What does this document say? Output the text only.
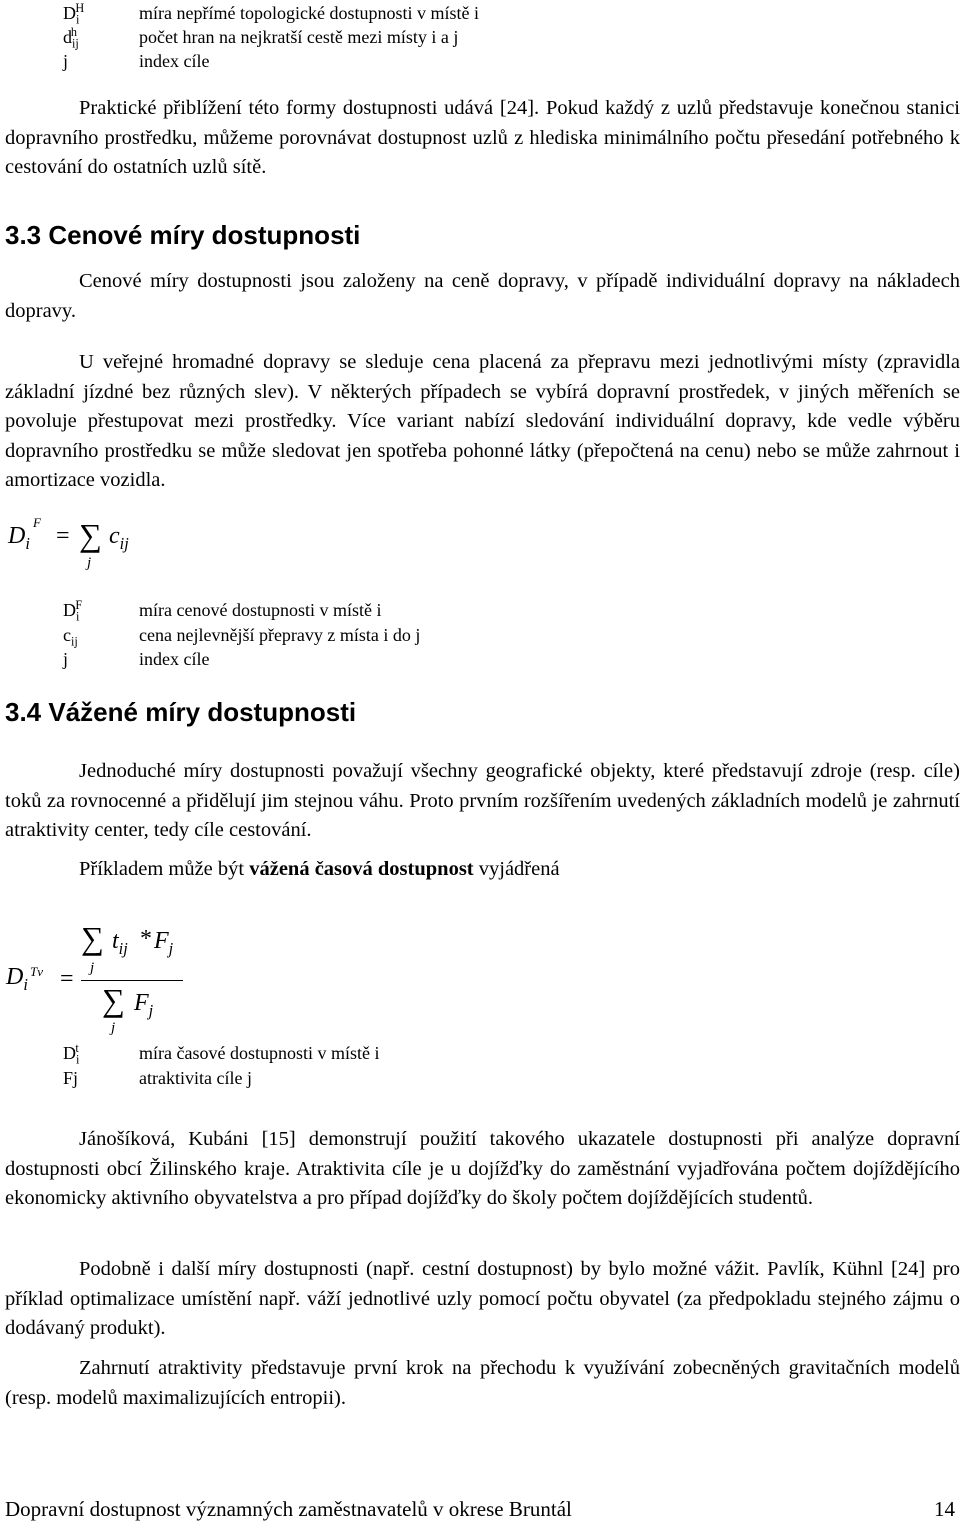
$D_i^H$	míra nepřímé topologické dostupnosti v místě i
$d_{ij}^h$	počet hran na nejkratší cestě mezi místy i a j
j	index cíle

Praktické přiblížení této formy dostupnosti udává [24]. Pokud každý z uzlů představuje konečnou stanici dopravního prostředku, můžeme porovnávat dostupnost uzlů z hlediska minimálního počtu přesedání potřebného k cestování do ostatních uzlů sítě.

3.3 Cenové míry dostupnosti

Cenové míry dostupnosti jsou založeny na ceně dopravy, v případě individuální dopravy na nákladech dopravy.

U veřejné hromadné dopravy se sleduje cena placená za přepravu mezi jednotlivými místy (zpravidla základní jízdné bez různých slev). V některých případech se vybírá dopravní prostředek, v jiných měřeních se povoluje přestupovat mezi prostředky. Více variant nabízí sledování individuální dopravy, kde vedle výběru dopravního prostředku se může sledovat jen spotřeba pohonné látky (přepočtená na cenu) nebo se může zahrnout i amortizace vozidla.

$D_i$
F
= ∑
j
$c_{ij}$
$D_i^F$	míra cenové dostupnosti v místě i
$c_{ij}$	cena nejlevnější přepravy z místa i do j
j	index cíle
3.4 Vážené míry dostupnosti

Jednoduché míry dostupnosti považují všechny geografické objekty, které představují zdroje (resp. cíle) toků za rovnocenné a přidělují jim stejnou váhu. Proto prvním rozšířením uvedených základních modelů je zahrnutí atraktivity center, tedy cíle cestování.

Příkladem může být vážená časová dostupnost vyjádřená

$D_i$
Tv =
∑
j
$t_{ij} * F_j$
∑
j
$F_j$
$D_i^t$	míra časové dostupnosti v místě i
Fj	atraktivita cíle j

Jánošíková, Kubáni [15] demonstrují použití takového ukazatele dostupnosti při analýze dopravní dostupnosti obcí Žilinského kraje. Atraktivita cíle je u dojížďky do zaměstnání vyjadřována počtem dojíždějícího ekonomicky aktivního obyvatelstva a pro případ dojížďky do školy počtem dojíždějících studentů.

Podobně i další míry dostupnosti (např. cestní dostupnost) by bylo možné vážit. Pavlík, Kühnl [24] pro příklad optimalizace umístění např. váží jednotlivé uzly pomocí počtu obyvatel (za předpokladu stejného zájmu o dodávaný produkt).

Zahrnutí atraktivity představuje první krok na přechodu k využívání zobecněných gravitačních modelů (resp. modelů maximalizujících entropii).

Dopravní dostupnost významných zaměstnavatelů v okrese Bruntál	14
